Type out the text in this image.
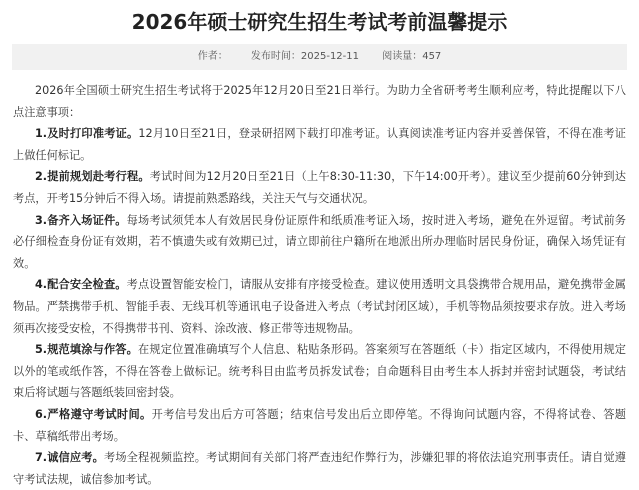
2026年硕士研究生招生考试考前温馨提示
作者： 发布时间：2025-12-11 阅读量：457

2026年全国硕士研究生招生考试将于2025年12月20日至21日举行。为助力全省研考考生顺利应考，特此提醒以下八点注意事项：

1.及时打印准考证。12月10日至21日，登录研招网下载打印准考证。认真阅读准考证内容并妥善保管，不得在准考证上做任何标记。

2.提前规划赴考行程。考试时间为12月20日至21日（上午8:30-11:30，下午14:00开考）。建议至少提前60分钟到达考点，开考15分钟后不得入场。请提前熟悉路线，关注天气与交通状况。

3.备齐入场证件。每场考试须凭本人有效居民身份证原件和纸质准考证入场，按时进入考场，避免在外逗留。考试前务必仔细检查身份证有效期，若不慎遗失或有效期已过，请立即前往户籍所在地派出所办理临时居民身份证，确保入场凭证有效。

4.配合安全检查。考点设置智能安检门，请服从安排有序接受检查。建议使用透明文具袋携带合规用品，避免携带金属物品。严禁携带手机、智能手表、无线耳机等通讯电子设备进入考点（考试封闭区域），手机等物品须按要求存放。进入考场须再次接受安检，不得携带书刊、资料、涂改液、修正带等违规物品。

5.规范填涂与作答。在规定位置准确填写个人信息、粘贴条形码。答案须写在答题纸（卡）指定区域内，不得使用规定以外的笔或纸作答，不得在答卷上做标记。统考科目由监考员拆发试卷；自命题科目由考生本人拆封并密封试题袋，考试结束后将试题与答题纸装回密封袋。

6.严格遵守考试时间。开考信号发出后方可答题；结束信号发出后立即停笔。不得询问试题内容，不得将试卷、答题卡、草稿纸带出考场。

7.诚信应考。考场全程视频监控。考试期间有关部门将严查违纪作弊行为，涉嫌犯罪的将依法追究刑事责任。请自觉遵守考试法规，诚信参加考试。
